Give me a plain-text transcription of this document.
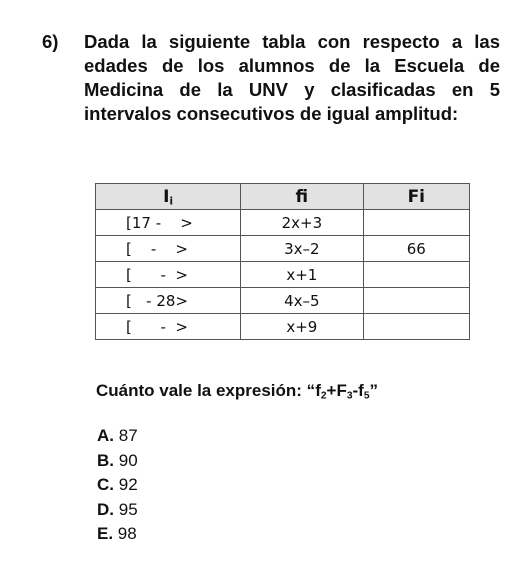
6)	Dada la siguiente tabla con respecto a las edades de los alumnos de la Escuela de Medicina de la UNV y clasificadas en 5 intervalos consecutivos de igual amplitud:
$I_i$	fi	Fi
[17 -    >	2x+3	
[    -    >	3x–2	66
[      -  >	x+1	
[   - 28>	4x–5	
[      -  >	x+9	
Cuánto vale la expresión: “$f_2+F_3-f_5$”
A. 87
B. 90
C. 92
D. 95
E. 98
